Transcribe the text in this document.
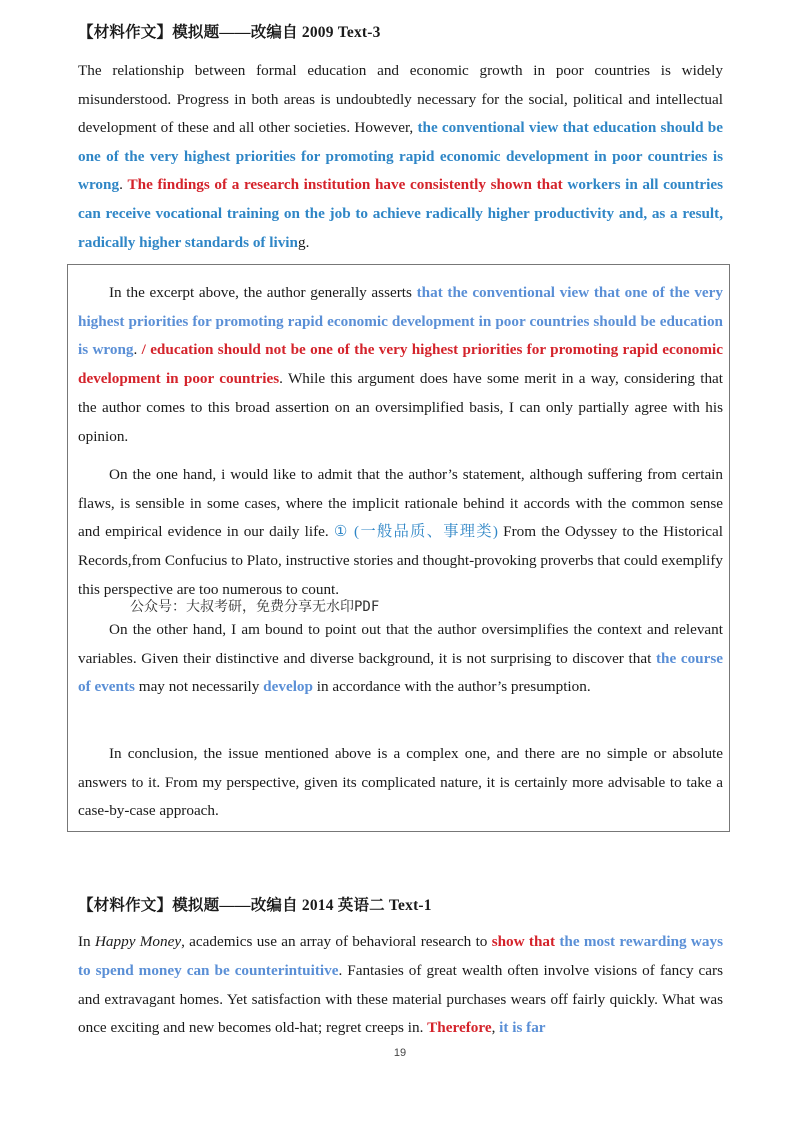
【材料作文】模拟题——改编自 2009 Text-3

The relationship between formal education and economic growth in poor countries is widely misunderstood. Progress in both areas is undoubtedly necessary for the social, political and intellectual development of these and all other societies. However, the conventional view that education should be one of the very highest priorities for promoting rapid economic development in poor countries is wrong. The findings of a research institution have consistently shown that workers in all countries can receive vocational training on the job to achieve radically higher productivity and, as a result, radically higher standards of living.

In the excerpt above, the author generally asserts that the conventional view that one of the very highest priorities for promoting rapid economic development in poor countries should be education is wrong. / education should not be one of the very highest priorities for promoting rapid economic development in poor countries. While this argument does have some merit in a way, considering that the author comes to this broad assertion on an oversimplified basis, I can only partially agree with his opinion.

On the one hand, i would like to admit that the author’s statement, although suffering from certain flaws, is sensible in some cases, where the implicit rationale behind it accords with the common sense and empirical evidence in our daily life. ① (一般品质、事理类) From the Odyssey to the Historical Records,from Confucius to Plato, instructive stories and thought-provoking proverbs that could exemplify this perspective are too numerous to count.

公众号：大叔考研，免费分享无水印PDF

On the other hand, I am bound to point out that the author oversimplifies the context and relevant variables. Given their distinctive and diverse background, it is not surprising to discover that the course of events may not necessarily develop in accordance with the author’s presumption.

In conclusion, the issue mentioned above is a complex one, and there are no simple or absolute answers to it. From my perspective, given its complicated nature, it is certainly more advisable to take a case-by-case approach.

【材料作文】模拟题——改编自 2014 英语二 Text-1

In Happy Money, academics use an array of behavioral research to show that the most rewarding ways to spend money can be counterintuitive. Fantasies of great wealth often involve visions of fancy cars and extravagant homes. Yet satisfaction with these material purchases wears off fairly quickly. What was once exciting and new becomes old-hat; regret creeps in. Therefore, it is far

19
